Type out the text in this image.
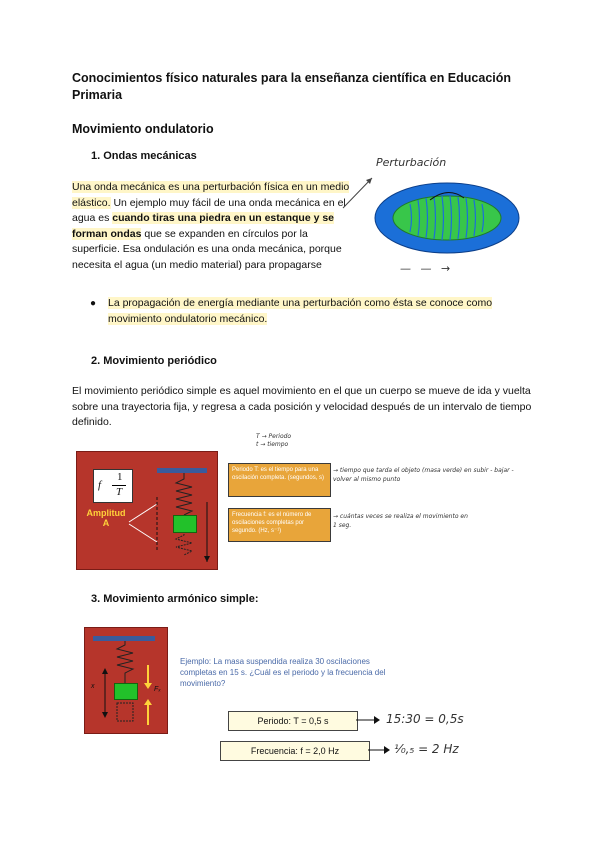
Conocimientos físico naturales para la enseñanza científica en Educación Primaria
Movimiento ondulatorio
1. Ondas mecánicas
Una onda mecánica es una perturbación física en un medio elástico. Un ejemplo muy fácil de una onda mecánica en el agua es cuando tiras una piedra en un estanque y se forman ondas que se expanden en círculos por la superficie. Esa ondulación es una onda mecánica, porque necesita el agua (un medio material) para propagarse
Perturbación
— — →
● La propagación de energía mediante una perturbación como ésta se conoce como movimiento ondulatorio mecánico.
2. Movimiento periódico
El movimiento periódico simple es aquel movimiento en el que un cuerpo se mueve de ida y vuelta sobre una trayectoria fija, y regresa a cada posición y velocidad después de un intervalo de tiempo definido.
f
1
T
Amplitud
A
T → Periodo
t → tiempo
Periodo T: es el tiempo para una oscilación completa. (segundos, s)
Frecuencia f: es el número de oscilaciones completas por segundo. (Hz, s⁻¹)
→ tiempo que tarda el objeto (masa verde) en subir - bajar - volver al mismo punto
→ cuántas veces se realiza el movimiento en 1 seg.
3. Movimiento armónico simple:
x	Fₓ
Ejemplo: La masa suspendida realiza 30 oscilaciones completas en 15 s. ¿Cuál es el periodo y la frecuencia del movimiento?
Periodo: T = 0,5 s	15:30 = 0,5s
Frecuencia: f = 2,0 Hz	¹⁄₀,₅ = 2 Hz
